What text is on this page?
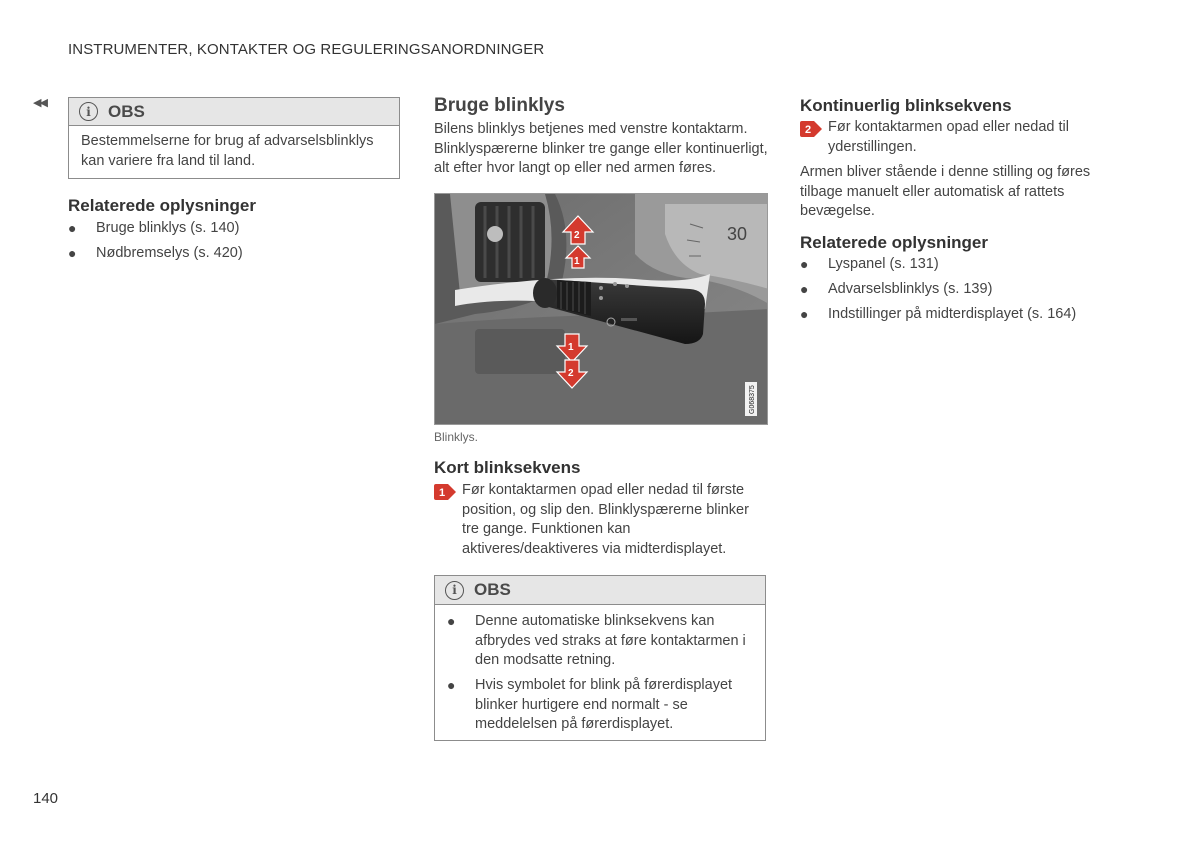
INSTRUMENTER, KONTAKTER OG REGULERINGSANORDNINGER
◀◀
i	OBS
Bestemmelserne for brug af advarselsblinklys kan variere fra land til land.
Relaterede oplysninger
● Bruge blinklys (s. 140)
● Nødbremselys (s. 420)
Bruge blinklys
Bilens blinklys betjenes med venstre kontaktarm. Blinklyspærerne blinker tre gange eller kontinuerligt, alt efter hvor langt op eller ned armen føres.
30
2
1
1
2
G068375
Blinklys.
Kort blinksekvens
1 Før kontaktarmen opad eller nedad til første position, og slip den. Blinklyspærerne blinker tre gange. Funktionen kan aktiveres/deaktiveres via midterdisplayet.
i	OBS
● Denne automatiske blinksekvens kan afbrydes ved straks at føre kontaktarmen i den modsatte retning.
● Hvis symbolet for blink på førerdisplayet blinker hurtigere end normalt - se meddelelsen på førerdisplayet.
Kontinuerlig blinksekvens
2 Før kontaktarmen opad eller nedad til yderstillingen.
Armen bliver stående i denne stilling og føres tilbage manuelt eller automatisk af rattets bevægelse.
Relaterede oplysninger
● Lyspanel (s. 131)
● Advarselsblinklys (s. 139)
● Indstillinger på midterdisplayet (s. 164)
140
